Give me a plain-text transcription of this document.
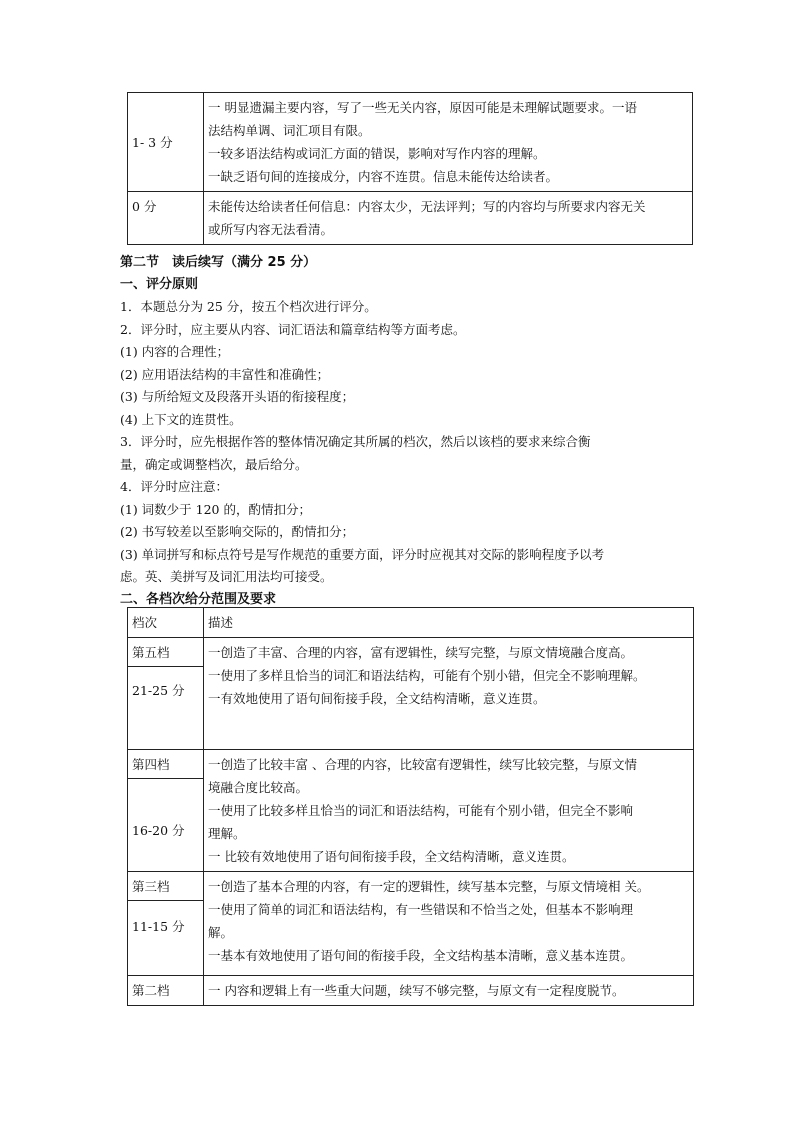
1- 3 分	一 明显遗漏主要内容，写了一些无关内容，原因可能是未理解试题要求。一语
法结构单调、词汇项目有限。
一较多语法结构或词汇方面的错误，影响对写作内容的理解。
一缺乏语句间的连接成分，内容不连贯。信息未能传达给读者。

0 分	未能传达给读者任何信息：内容太少，无法评判；写的内容均与所要求内容无关
或所写内容无法看清。
第二节　读后续写（满分 25 分）
一、评分原则
1．本题总分为 25 分，按五个档次进行评分。
2．评分时，应主要从内容、词汇语法和篇章结构等方面考虑。
(1) 内容的合理性；
(2) 应用语法结构的丰富性和准确性；
(3) 与所给短文及段落开头语的衔接程度；
(4) 上下文的连贯性。
3．评分时，应先根据作答的整体情况确定其所属的档次，然后以该档的要求来综合衡
量，确定或调整档次，最后给分。
4．评分时应注意：
(1) 词数少于 120 的，酌情扣分；
(2) 书写较差以至影响交际的，酌情扣分；
(3) 单词拼写和标点符号是写作规范的重要方面，评分时应视其对交际的影响程度予以考
虑。英、美拼写及词汇用法均可接受。
二、各档次给分范围及要求
档次	描述

第五档
21-25 分	一创造了丰富、合理的内容，富有逻辑性，续写完整，与原文情境融合度高。
一使用了多样且恰当的词汇和语法结构，可能有个别小错，但完全不影响理解。
一有效地使用了语句间衔接手段，全文结构清晰，意义连贯。

第四档
16-20 分	一创造了比较丰富 、合理的内容，比较富有逻辑性，续写比较完整，与原文情
境融合度比较高。
一使用了比较多样且恰当的词汇和语法结构，可能有个别小错，但完全不影响
理解。
一 比较有效地使用了语句间衔接手段，全文结构清晰，意义连贯。

第三档
11-15 分	一创造了基本合理的内容，有一定的逻辑性，续写基本完整，与原文情境相 关。
一使用了简单的词汇和语法结构，有一些错误和不恰当之处，但基本不影响理
解。
一基本有效地使用了语句间的衔接手段，全文结构基本清晰，意义基本连贯。

第二档	一 内容和逻辑上有一些重大问题，续写不够完整，与原文有一定程度脱节。
